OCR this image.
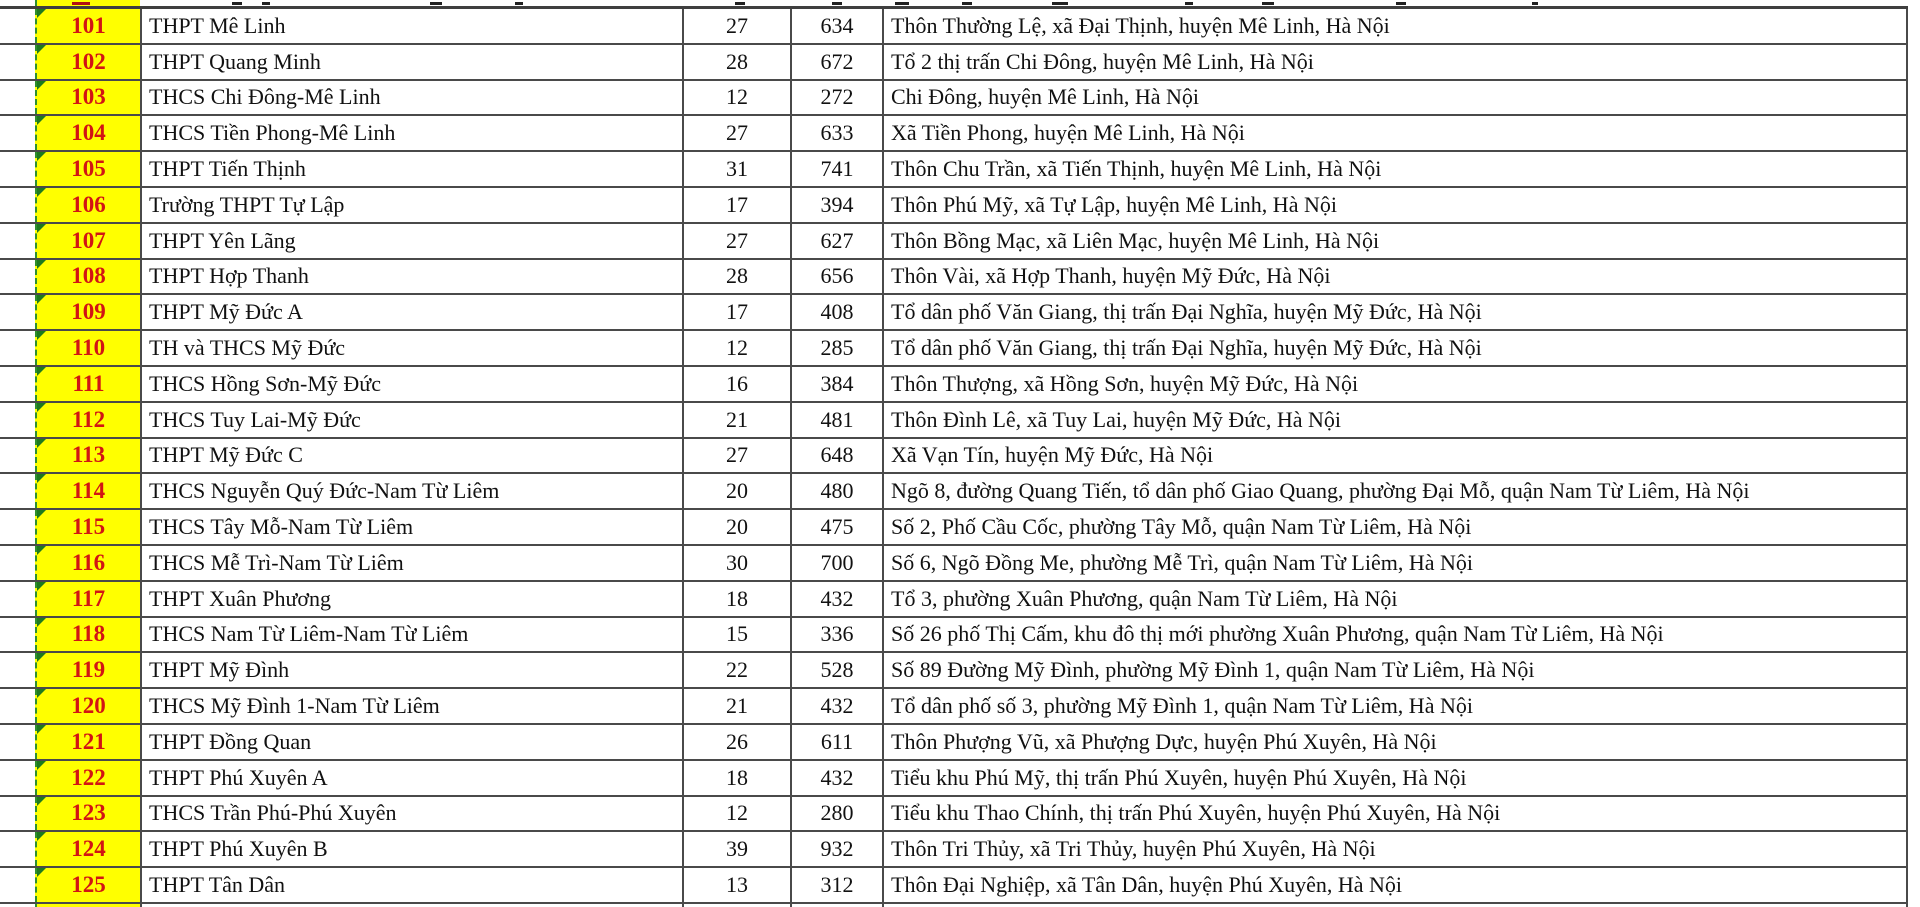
101 THPT Mê Linh	27	634 Thôn Thường Lệ, xã Đại Thịnh, huyện Mê Linh, Hà Nội
102 THPT Quang Minh	28	672 Tổ 2 thị trấn Chi Đông, huyện Mê Linh, Hà Nội
103 THCS Chi Đông-Mê Linh	12	272 Chi Đông, huyện Mê Linh, Hà Nội
104 THCS Tiền Phong-Mê Linh	27	633 Xã Tiền Phong, huyện Mê Linh, Hà Nội
105 THPT Tiến Thịnh	31	741 Thôn Chu Trần, xã Tiến Thịnh, huyện Mê Linh, Hà Nội
106 Trường THPT Tự Lập	17	394 Thôn Phú Mỹ, xã Tự Lập, huyện Mê Linh, Hà Nội
107 THPT Yên Lãng	27	627 Thôn Bồng Mạc, xã Liên Mạc, huyện Mê Linh, Hà Nội
108 THPT Hợp Thanh	28	656 Thôn Vài, xã Hợp Thanh, huyện Mỹ Đức, Hà Nội
109 THPT Mỹ Đức A	17	408 Tổ dân phố Văn Giang, thị trấn Đại Nghĩa, huyện Mỹ Đức, Hà Nội
110 TH và THCS Mỹ Đức	12	285 Tổ dân phố Văn Giang, thị trấn Đại Nghĩa, huyện Mỹ Đức, Hà Nội
111 THCS Hồng Sơn-Mỹ Đức	16	384 Thôn Thượng, xã Hồng Sơn, huyện Mỹ Đức, Hà Nội
112 THCS Tuy Lai-Mỹ Đức	21	481 Thôn Đình Lê, xã Tuy Lai, huyện Mỹ Đức, Hà Nội
113 THPT Mỹ Đức C	27	648 Xã Vạn Tín, huyện Mỹ Đức, Hà Nội
114 THCS Nguyễn Quý Đức-Nam Từ Liêm	20	480 Ngõ 8, đường Quang Tiến, tổ dân phố Giao Quang, phường Đại Mỗ, quận Nam Từ Liêm, Hà Nội
115 THCS Tây Mỗ-Nam Từ Liêm	20	475 Số 2, Phố Cầu Cốc, phường Tây Mỗ, quận Nam Từ Liêm, Hà Nội
116 THCS Mễ Trì-Nam Từ Liêm	30	700 Số 6, Ngõ Đồng Me, phường Mễ Trì, quận Nam Từ Liêm, Hà Nội
117 THPT Xuân Phương	18	432 Tổ 3, phường Xuân Phương, quận Nam Từ Liêm, Hà Nội
118 THCS Nam Từ Liêm-Nam Từ Liêm	15	336 Số 26 phố Thị Cấm, khu đô thị mới phường Xuân Phương, quận Nam Từ Liêm, Hà Nội
119 THPT Mỹ Đình	22	528 Số 89 Đường Mỹ Đình, phường Mỹ Đình 1, quận Nam Từ Liêm, Hà Nội
120 THCS Mỹ Đình 1-Nam Từ Liêm	21	432 Tổ dân phố số 3, phường Mỹ Đình 1, quận Nam Từ Liêm, Hà Nội
121 THPT Đồng Quan	26	611 Thôn Phượng Vũ, xã Phượng Dực, huyện Phú Xuyên, Hà Nội
122 THPT Phú Xuyên A	18	432 Tiểu khu Phú Mỹ, thị trấn Phú Xuyên, huyện Phú Xuyên, Hà Nội
123 THCS Trần Phú-Phú Xuyên	12	280 Tiểu khu Thao Chính, thị trấn Phú Xuyên, huyện Phú Xuyên, Hà Nội
124 THPT Phú Xuyên B	39	932 Thôn Tri Thủy, xã Tri Thủy, huyện Phú Xuyên, Hà Nội
125 THPT Tân Dân	13	312 Thôn Đại Nghiệp, xã Tân Dân, huyện Phú Xuyên, Hà Nội
